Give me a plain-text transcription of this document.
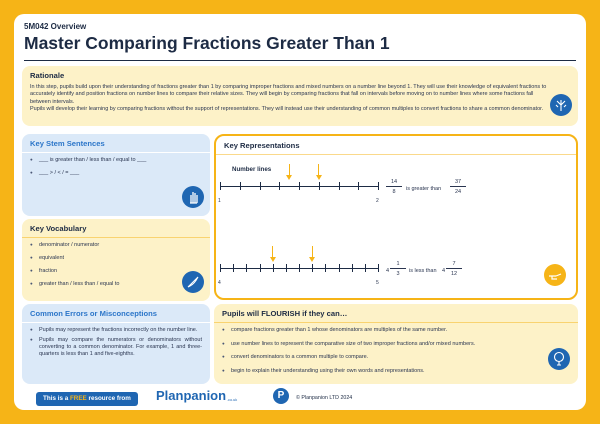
5M042 Overview
Master Comparing Fractions Greater Than 1
Rationale

In this step, pupils build upon their understanding of fractions greater than 1 by comparing improper fractions and mixed numbers on a number line beyond 1. They will use their knowledge of equivalent fractions to accurately identify and position fractions on number lines to compare their relative sizes. They will begin by comparing fractions that fall on intervals before moving on to number lines where some fractions fall between intervals.

Pupils will develop their learning by comparing fractions without the support of representations. They will instead use their understanding of common multiples to convert fractions to share a common denominator.

Key Stem Sentences
● ___ is greater than / less than / equal to ___
● ___ > / < / = ___
Key Vocabulary
● denominator / numerator
● equivalent
● fraction
● greater than / less than / equal to
Common Errors or Misconceptions
● Pupils may represent the fractions incorrectly on the number line.
● Pupils may compare the numerators or denominators without converting to a common denominator. For example, 1 and three-quarters is less than 1 and five-eighths.
Key Representations
Number lines
1	2
$\frac{14}{8}$ is greater than $\frac{37}{24}$
4	5
$4 \frac{1}{3}$ is less than $4 \frac{7}{12}$
Pupils will FLOURISH if they can…
● compare fractions greater than 1 whose denominators are multiples of the same number.
● use number lines to represent the comparative size of two improper fractions and/or mixed numbers.
● convert denominators to a common multiple to compare.
● begin to explain their understanding using their own words and representations.
This is a FREE resource from	Planpanion .co.uk	P	© Planpanion LTD 2024
